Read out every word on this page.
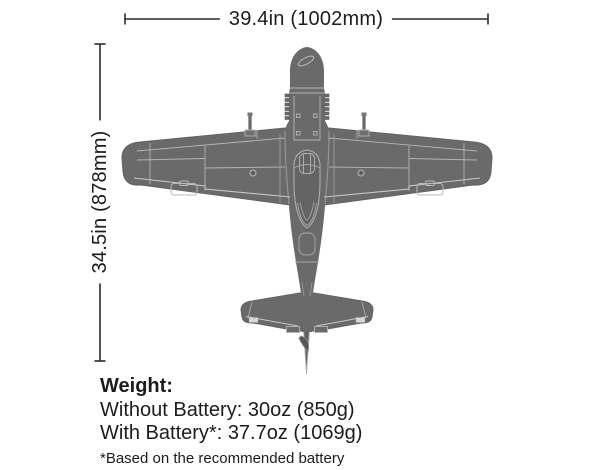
39.4in (1002mm)
34.5in (878mm)
Weight:
Without Battery: 30oz (850g)
With Battery*: 37.7oz (1069g)
*Based on the recommended battery
